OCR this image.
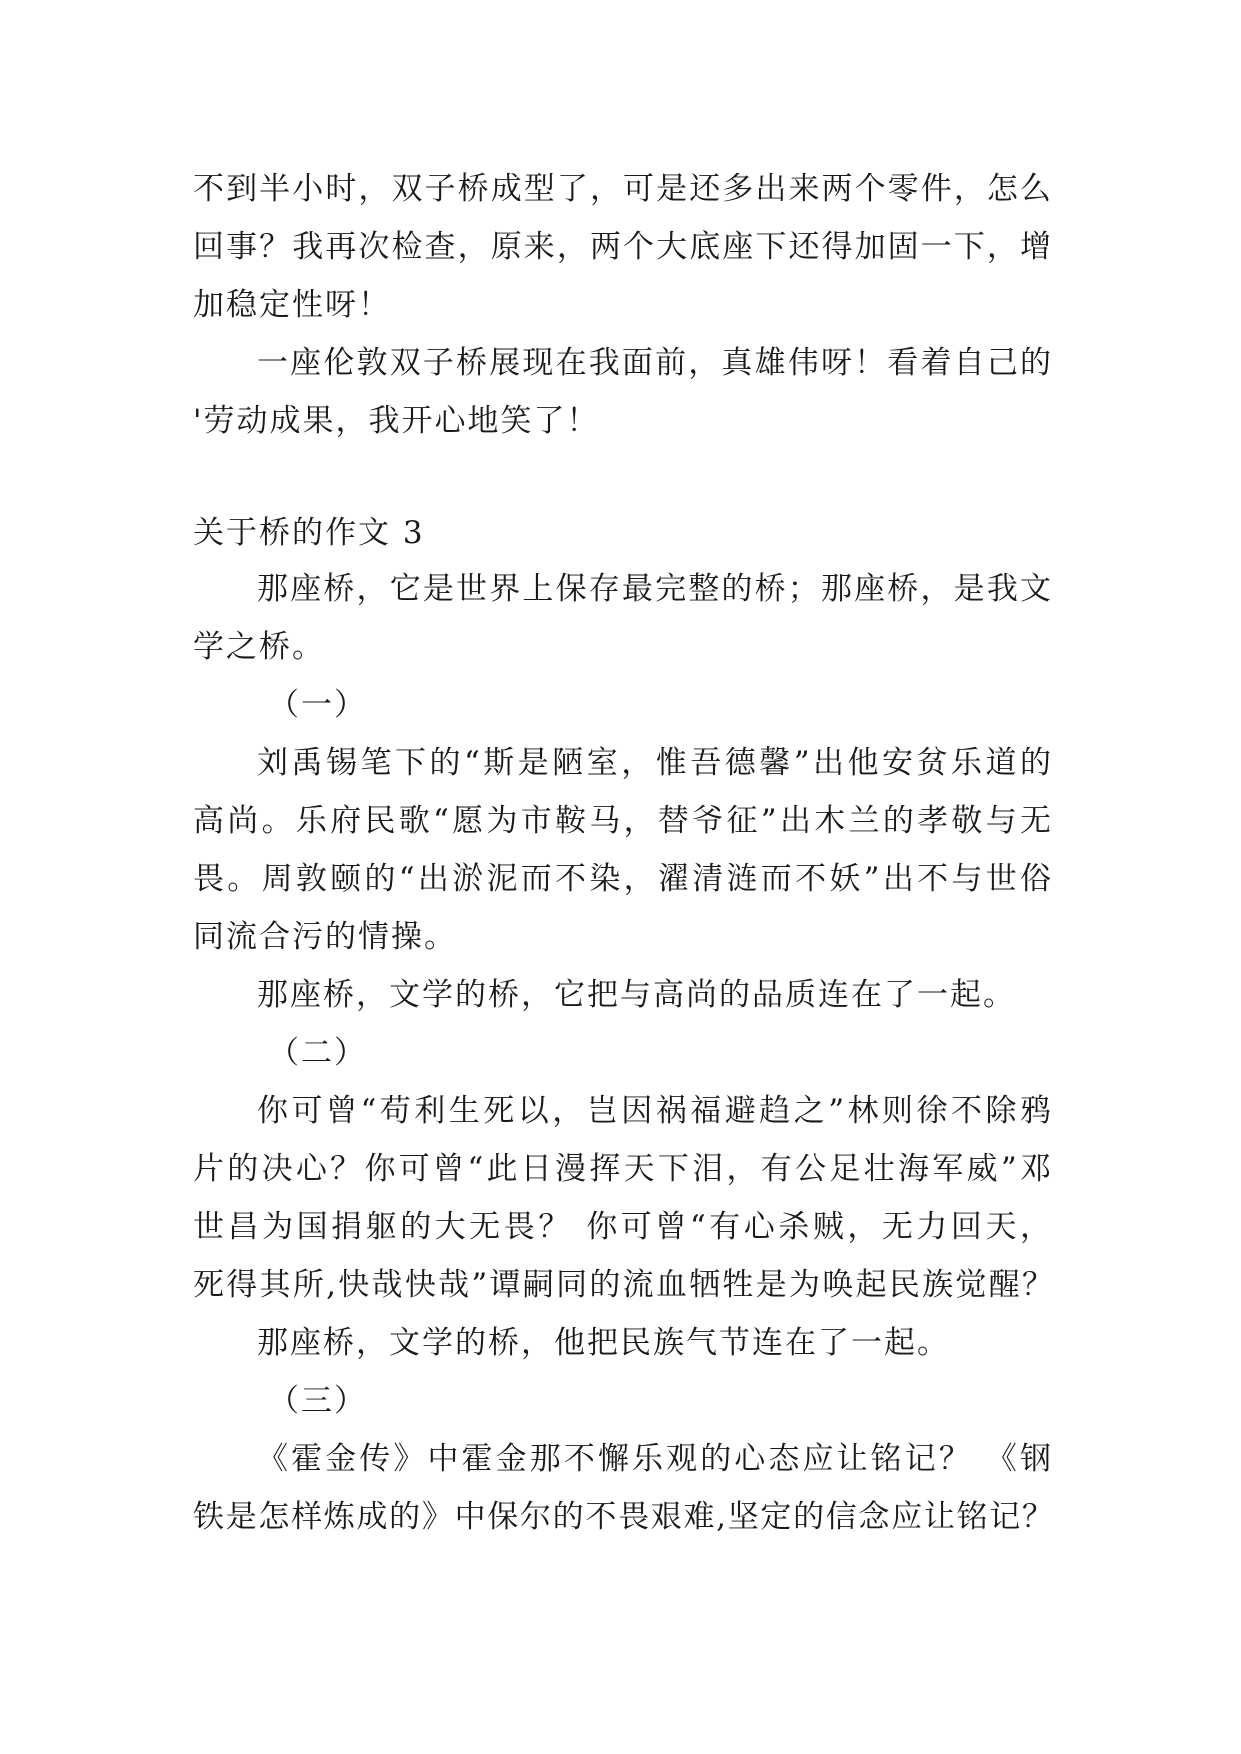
不到半小时，双子桥成型了，可是还多出来两个零件，怎么
回事？我再次检查，原来，两个大底座下还得加固一下，增
加稳定性呀！
一座伦敦双子桥展现在我面前，真雄伟呀！看着自己的
'劳动成果，我开心地笑了！
关于桥的作文 3
那座桥，它是世界上保存最完整的桥；那座桥，是我文
学之桥。
（一）
刘禹锡笔下的“斯是陋室，惟吾德馨”出他安贫乐道的
高尚。乐府民歌“愿为市鞍马，替爷征”出木兰的孝敬与无
畏。周敦颐的“出淤泥而不染，濯清涟而不妖”出不与世俗
同流合污的情操。
那座桥，文学的桥，它把与高尚的品质连在了一起。
（二）
你可曾“苟利生死以，岂因祸福避趋之”林则徐不除鸦
片的决心？你可曾“此日漫挥天下泪，有公足壮海军威”邓
世昌为国捐躯的大无畏？ 你可曾“有心杀贼，无力回天，
死得其所,快哉快哉”谭嗣同的流血牺牲是为唤起民族觉醒？
那座桥，文学的桥，他把民族气节连在了一起。
（三）
《霍金传》中霍金那不懈乐观的心态应让铭记？ 《钢
铁是怎样炼成的》中保尔的不畏艰难,坚定的信念应让铭记？
